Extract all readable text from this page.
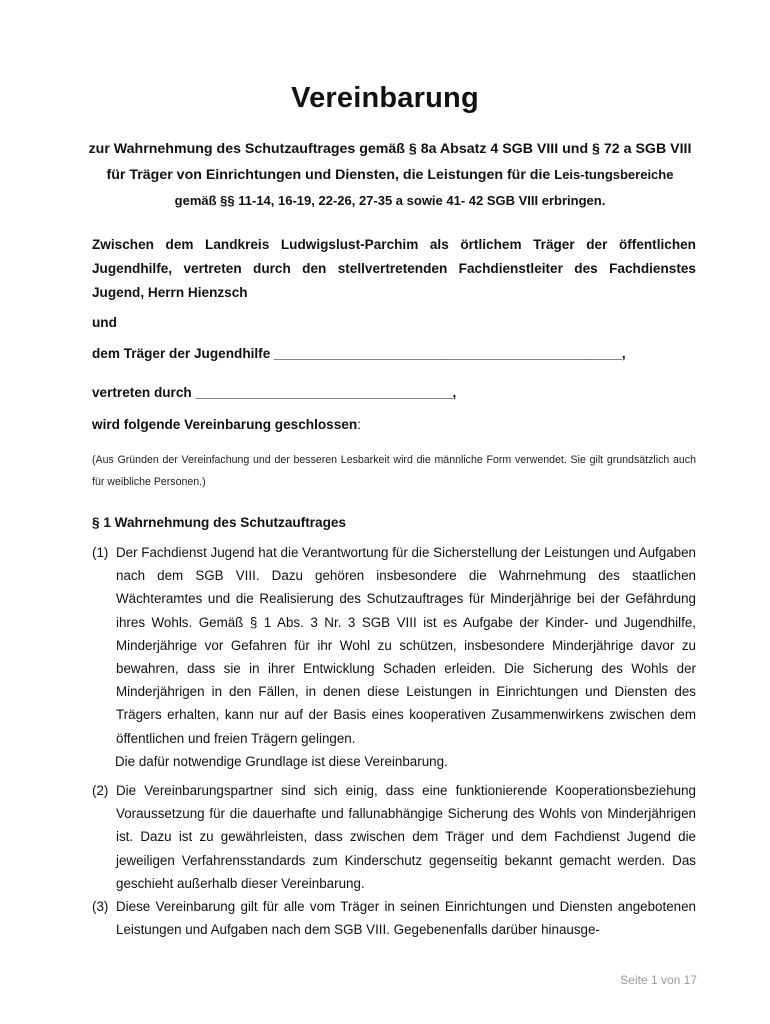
Vereinbarung
zur Wahrnehmung des Schutzauftrages gemäß § 8a Absatz 4 SGB VIII und § 72 a SGB VIII für Träger von Einrichtungen und Diensten, die Leistungen für die Leis-tungsbereiche gemäß §§ 11-14, 16-19, 22-26, 27-35 a sowie 41- 42 SGB VIII erbringen.
Zwischen dem Landkreis Ludwigslust-Parchim als örtlichem Träger der öffentlichen Jugendhilfe, vertreten durch den stellvertretenden Fachdienstleiter des Fachdienstes Jugend, Herrn Hienzsch
und
dem Träger der Jugendhilfe ______________________________________________,
vertreten durch __________________________________,
wird folgende Vereinbarung geschlossen:
(Aus Gründen der Vereinfachung und der besseren Lesbarkeit wird die männliche Form verwendet. Sie gilt grundsätzlich auch für weibliche Personen.)
§ 1 Wahrnehmung des Schutzauftrages
(1) Der Fachdienst Jugend hat die Verantwortung für die Sicherstellung der Leistungen und Aufgaben nach dem SGB VIII. Dazu gehören insbesondere die Wahrnehmung des staatlichen Wächteramtes und die Realisierung des Schutzauftrages für Minderjährige bei der Gefährdung ihres Wohls. Gemäß § 1 Abs. 3 Nr. 3 SGB VIII ist es Aufgabe der Kinder- und Jugendhilfe, Minderjährige vor Gefahren für ihr Wohl zu schützen, insbesondere Minderjährige davor zu bewahren, dass sie in ihrer Entwicklung Schaden erleiden. Die Sicherung des Wohls der Minderjährigen in den Fällen, in denen diese Leistungen in Einrichtungen und Diensten des Trägers erhalten, kann nur auf der Basis eines kooperativen Zusammenwirkens zwischen dem öffentlichen und freien Trägern gelingen.
Die dafür notwendige Grundlage ist diese Vereinbarung.
(2) Die Vereinbarungspartner sind sich einig, dass eine funktionierende Kooperationsbeziehung Voraussetzung für die dauerhafte und fallunabhängige Sicherung des Wohls von Minderjährigen ist. Dazu ist zu gewährleisten, dass zwischen dem Träger und dem Fachdienst Jugend die jeweiligen Verfahrensstandards zum Kinderschutz gegenseitig bekannt gemacht werden. Das geschieht außerhalb dieser Vereinbarung.
(3) Diese Vereinbarung gilt für alle vom Träger in seinen Einrichtungen und Diensten angebotenen Leistungen und Aufgaben nach dem SGB VIII. Gegebenenfalls darüber hinausge-
Seite 1 von 17
